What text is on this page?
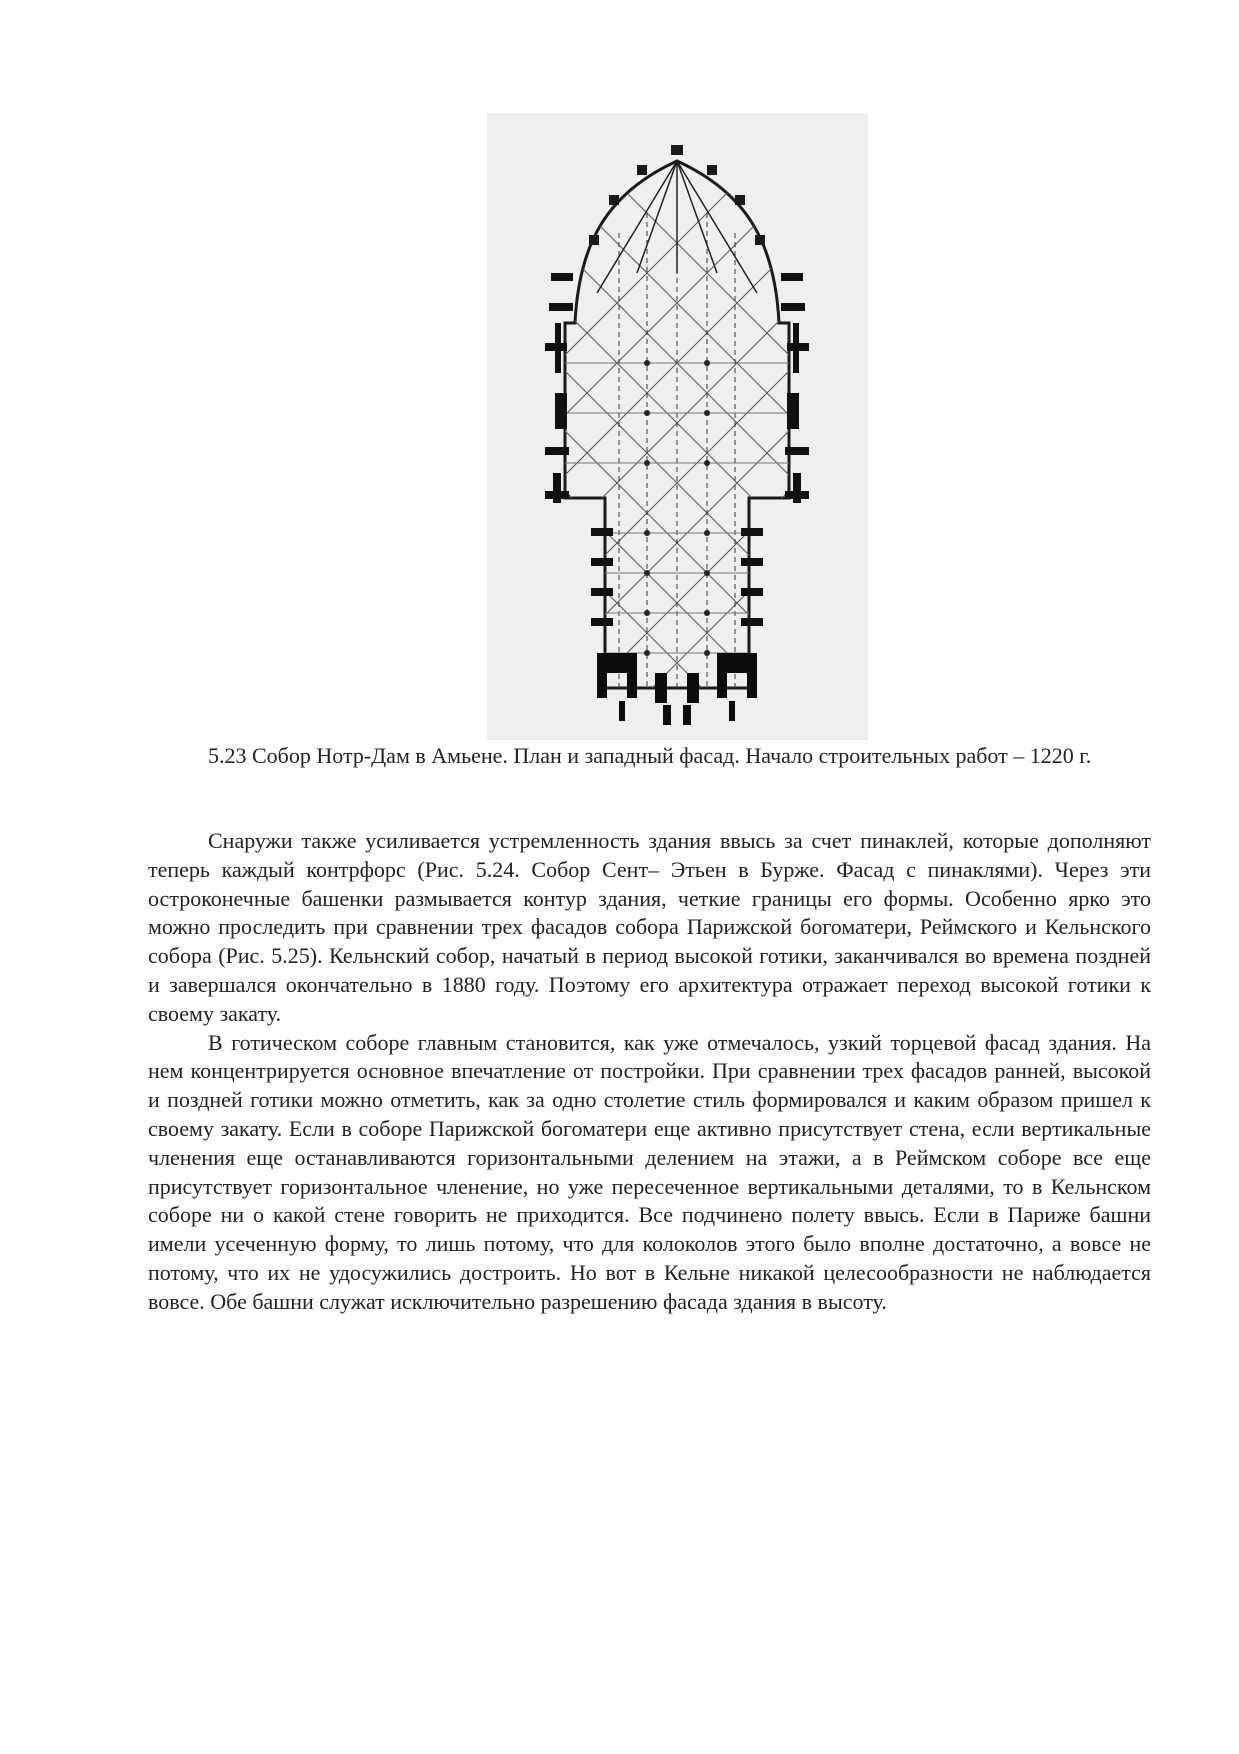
5.23 Собор Нотр-Дам в Амьене. План и западный фасад. Начало строительных работ – 1220 г.

Снаружи также усиливается устремленность здания ввысь за счет пинаклей, которые дополняют теперь каждый контрфорс (Рис. 5.24. Собор Сент– Этьен в Бурже. Фасад с пинаклями). Через эти остроконечные башенки размывается контур здания, четкие границы его формы. Особенно ярко это можно проследить при сравнении трех фасадов собора Парижской богоматери, Реймского и Кельнского собора (Рис. 5.25). Кельнский собор, начатый в период высокой готики, заканчивался во времена поздней и завершался окончательно в 1880 году. Поэтому его архитектура отражает переход высокой готики к своему закату.

В готическом соборе главным становится, как уже отмечалось, узкий торцевой фасад здания. На нем концентрируется основное впечатление от постройки. При сравнении трех фасадов ранней, высокой и поздней готики можно отметить, как за одно столетие стиль формировался и каким образом пришел к своему закату. Если в соборе Парижской богоматери еще активно присутствует стена, если вертикальные членения еще останавливаются горизонтальными делением на этажи, а в Реймском соборе все еще присутствует горизонтальное членение, но уже пересеченное вертикальными деталями, то в Кельнском соборе ни о какой стене говорить не приходится. Все подчинено полету ввысь. Если в Париже башни имели усеченную форму, то лишь потому, что для колоколов этого было вполне достаточно, а вовсе не потому, что их не удосужились достроить. Но вот в Кельне никакой целесообразности не наблюдается вовсе. Обе башни служат исключительно разрешению фасада здания в высоту.
